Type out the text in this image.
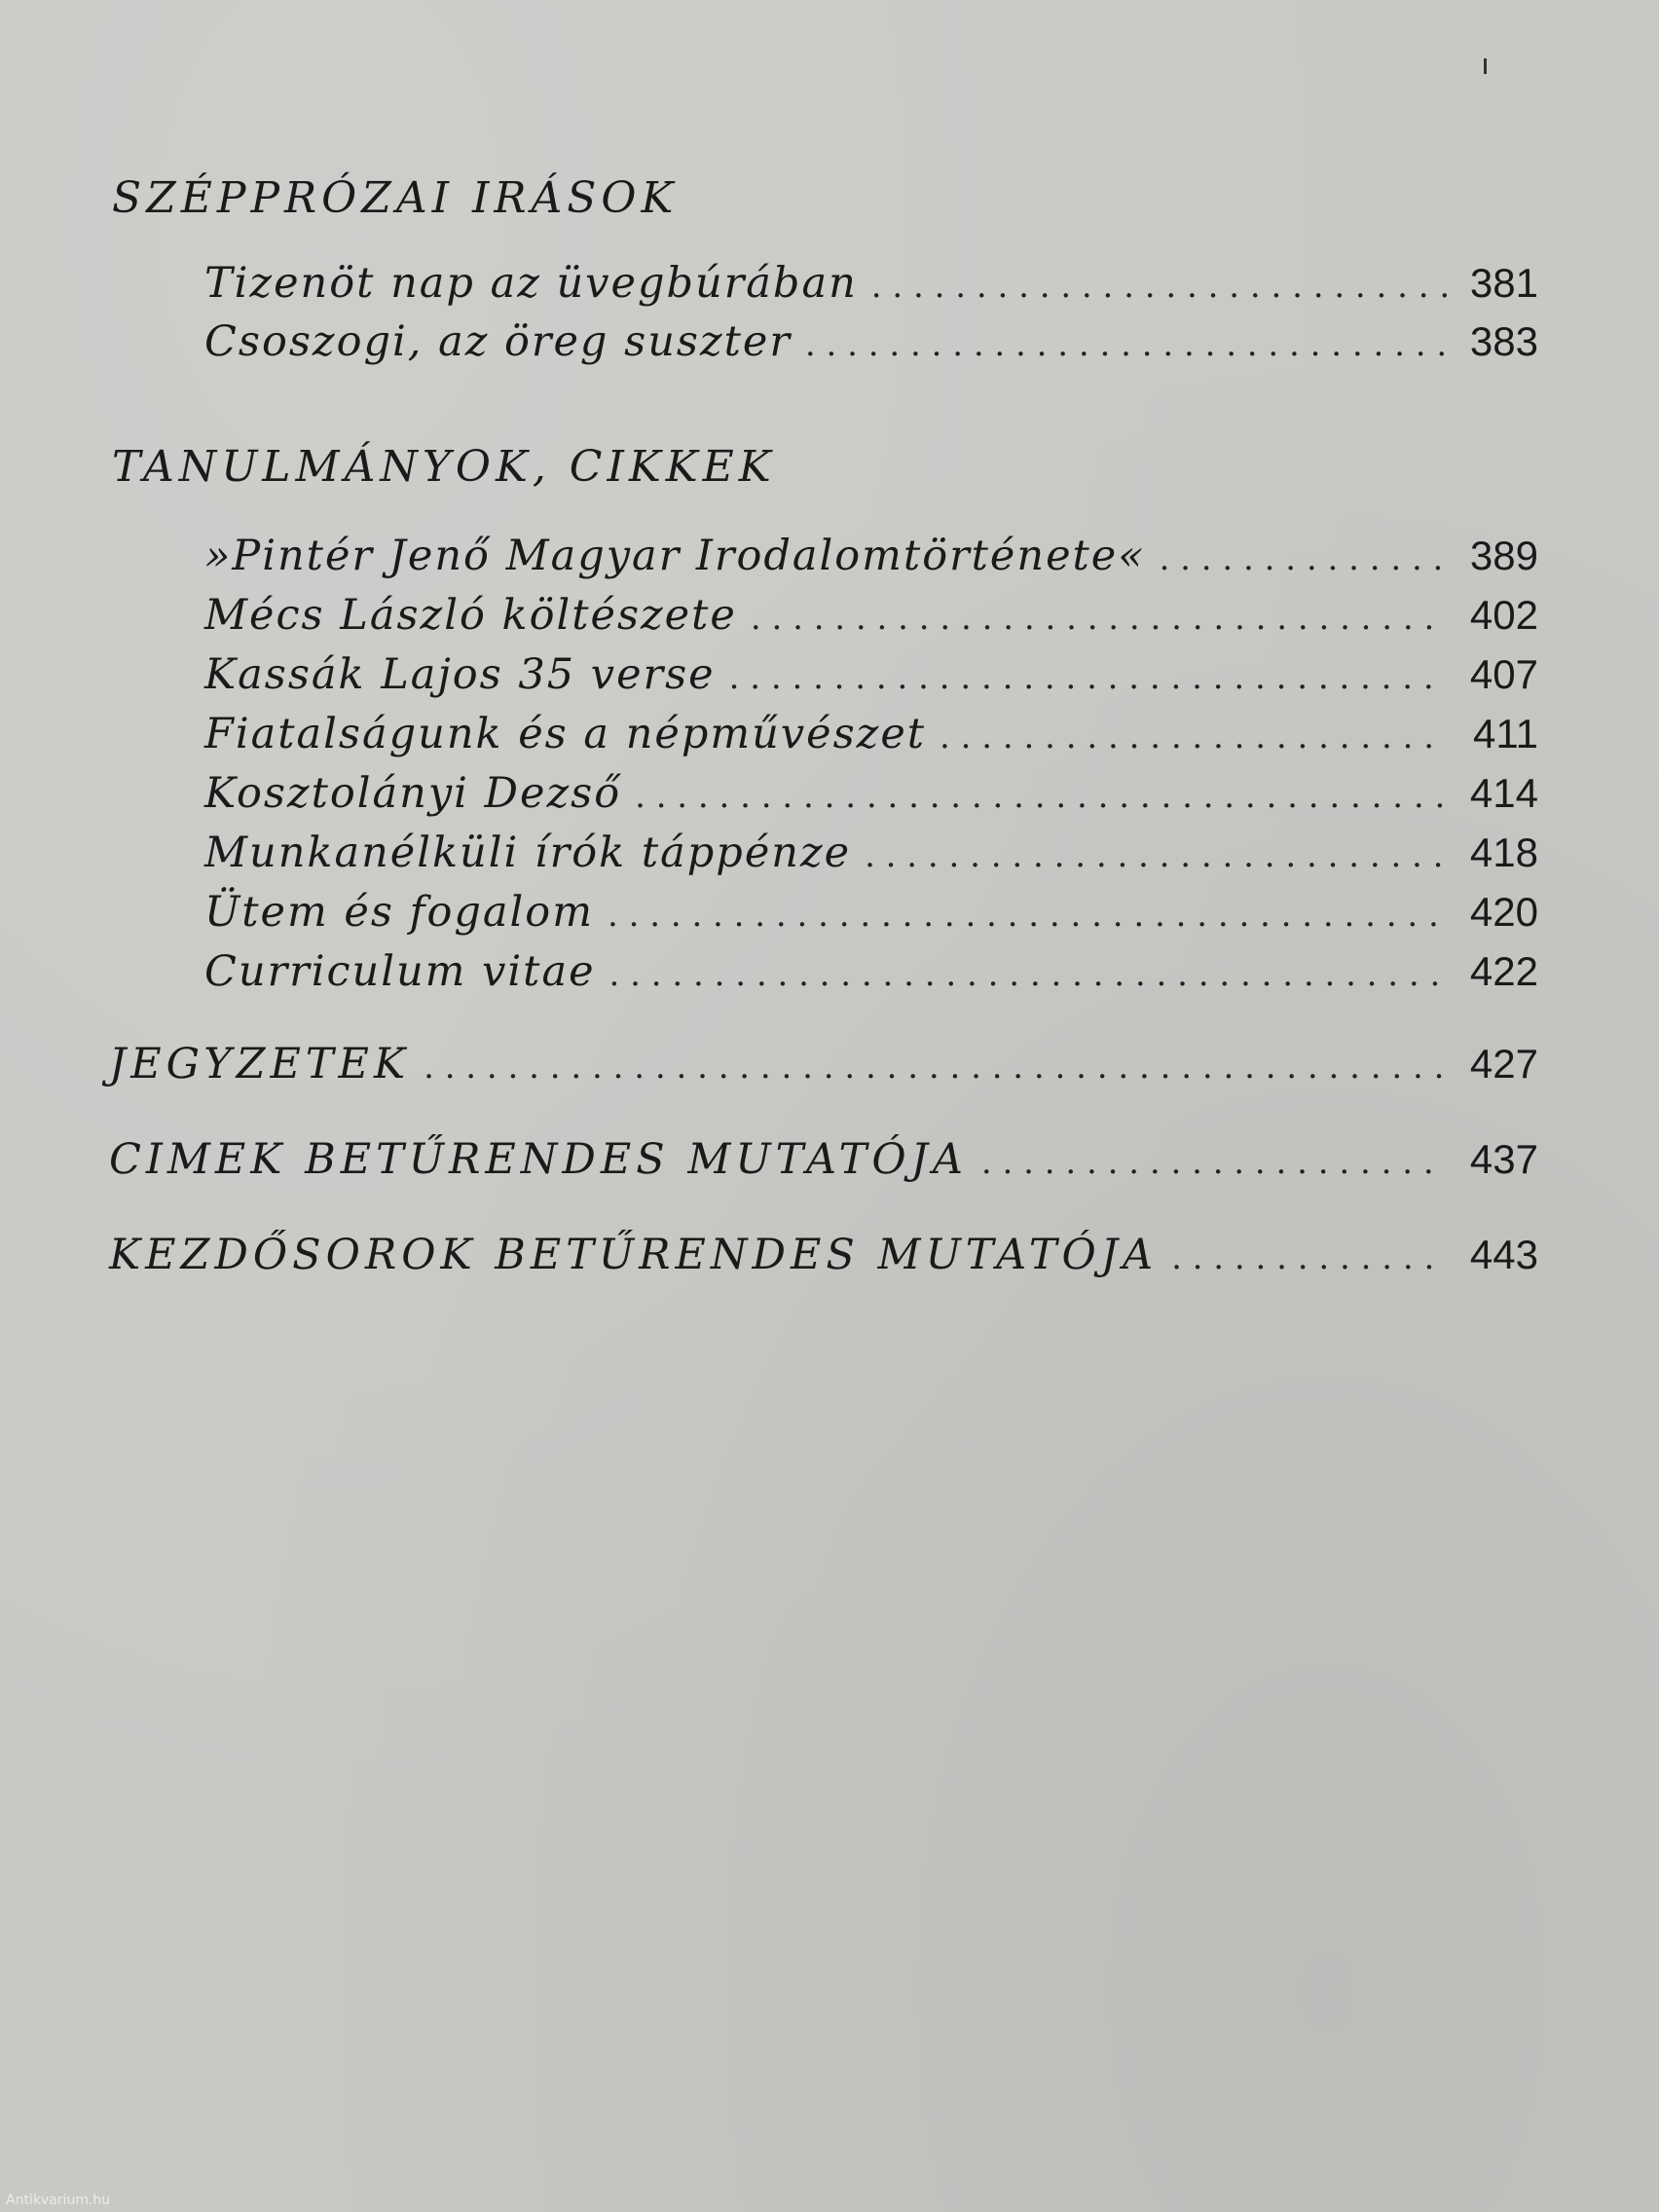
SZÉPPRÓZAI IRÁSOK
Tizenöt nap az üvegbúrában . . .	381
Csoszogi, az öreg suszter . . .	383
TANULMÁNYOK, CIKKEK
»Pintér Jenő Magyar Irodalomtörténete« . . .	389
Mécs László költészete . . .	402
Kassák Lajos 35 verse . . .	407
Fiatalságunk és a népművészet . . .	411
Kosztolányi Dezső . . .	414
Munkanélküli írók táppénze . . .	418
Ütem és fogalom . . .	420
Curriculum vitae . . .	422
JEGYZETEK . . .	427
CIMEK BETŰRENDES MUTATÓJA . . .	437
KEZDŐSOROK BETŰRENDES MUTATÓJA . . .	443
Antikvarium.hu
